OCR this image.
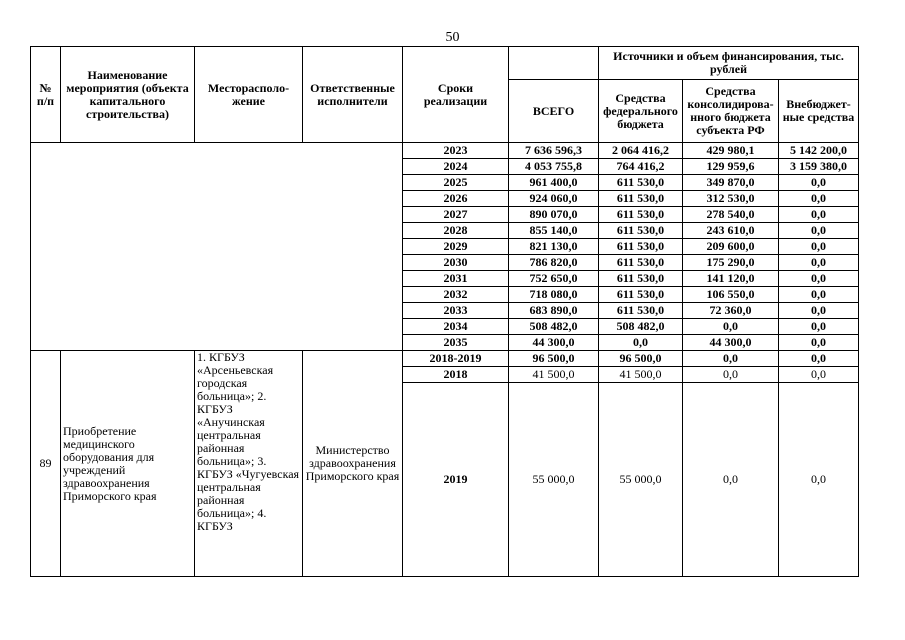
50
№ п/п	Наименование мероприятия (объекта капитального строительства)	Месторасполо-жение	Ответственные исполнители	Сроки реализации		Источники и объем финансирования, тыс. рублей		
					ВСЕГО	Средства федерального бюджета	Средства консолидирова-нного бюджета субъекта РФ	Внебюджет-ные средства
				2023	7 636 596,3	2 064 416,2	429 980,1	5 142 200,0
				2024	4 053 755,8	764 416,2	129 959,6	3 159 380,0
				2025	961 400,0	611 530,0	349 870,0	0,0
				2026	924 060,0	611 530,0	312 530,0	0,0
				2027	890 070,0	611 530,0	278 540,0	0,0
				2028	855 140,0	611 530,0	243 610,0	0,0
				2029	821 130,0	611 530,0	209 600,0	0,0
				2030	786 820,0	611 530,0	175 290,0	0,0
				2031	752 650,0	611 530,0	141 120,0	0,0
				2032	718 080,0	611 530,0	106 550,0	0,0
				2033	683 890,0	611 530,0	72 360,0	0,0
				2034	508 482,0	508 482,0	0,0	0,0
				2035	44 300,0	0,0	44 300,0	0,0
89	Приобретение медицинского оборудования для учреждений здравоохранения Приморского края	1. КГБУЗ «Арсеньевская городская больница»; 2. КГБУЗ «Анучинская центральная районная больница»; 3. КГБУЗ «Чугуевская центральная районная больница»; 4. КГБУЗ	Министерство здравоохранения Приморского края	2018-2019	96 500,0	96 500,0	0,0	0,0
				2018	41 500,0	41 500,0	0,0	0,0
				2019	55 000,0	55 000,0	0,0	0,0
